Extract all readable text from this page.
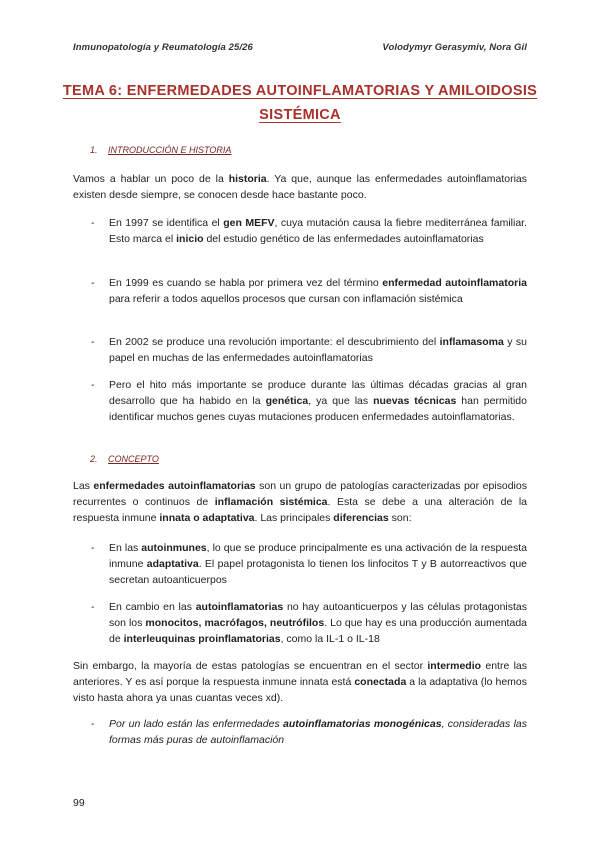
Inmunopatología y Reumatología 25/26	Volodymyr Gerasymiv, Nora Gil
TEMA 6: ENFERMEDADES AUTOINFLAMATORIAS Y AMILOIDOSIS
SISTÉMICA
1. INTRODUCCIÓN E HISTORIA
Vamos a hablar un poco de la historia. Ya que, aunque las enfermedades autoinflamatorias existen desde siempre, se conocen desde hace bastante poco.
- En 1997 se identifica el gen MEFV, cuya mutación causa la fiebre mediterránea familiar. Esto marca el inicio del estudio genético de las enfermedades autoinflamatorias
- En 1999 es cuando se habla por primera vez del término enfermedad autoinflamatoria para referir a todos aquellos procesos que cursan con inflamación sistémica
- En 2002 se produce una revolución importante: el descubrimiento del inflamasoma y su papel en muchas de las enfermedades autoinflamatorias
- Pero el hito más importante se produce durante las últimas décadas gracias al gran desarrollo que ha habido en la genética, ya que las nuevas técnicas han permitido identificar muchos genes cuyas mutaciones producen enfermedades autoinflamatorias.
2. CONCEPTO
Las enfermedades autoinflamatorias son un grupo de patologías caracterizadas por episodios recurrentes o continuos de inflamación sistémica. Esta se debe a una alteración de la respuesta inmune innata o adaptativa. Las principales diferencias son:
- En las autoinmunes, lo que se produce principalmente es una activación de la respuesta inmune adaptativa. El papel protagonista lo tienen los linfocitos T y B autorreactivos que secretan autoanticuerpos
- En cambio en las autoinflamatorias no hay autoanticuerpos y las células protagonistas son los monocitos, macrófagos, neutrófilos. Lo que hay es una producción aumentada de interleuquinas proinflamatorias, como la IL-1 o IL-18
Sin embargo, la mayoría de estas patologías se encuentran en el sector intermedio entre las anteriores. Y es así porque la respuesta inmune innata está conectada a la adaptativa (lo hemos visto hasta ahora ya unas cuantas veces xd).
- Por un lado están las enfermedades autoinflamatorias monogénicas, consideradas las formas más puras de autoinflamación
99
